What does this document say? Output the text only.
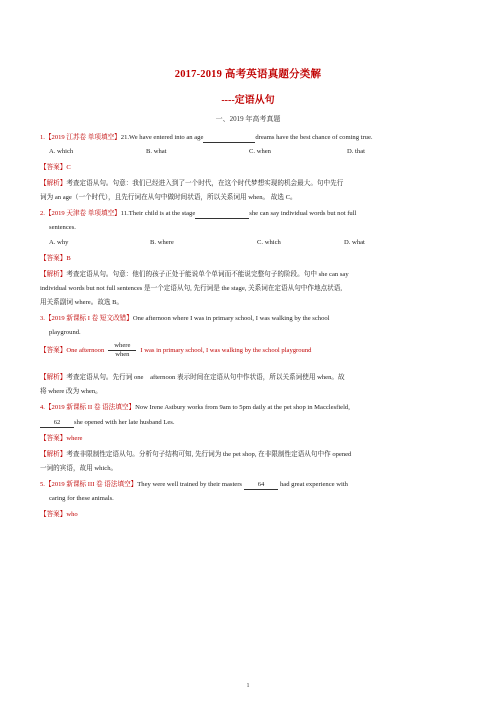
2017-2019 高考英语真题分类解
----定语从句
一、2019 年高考真题
1.【2019 江苏卷 单项填空】21.We have entered into an age	dreams have the best chance of coming true.
A. which	B. what	C. when	D. that
【答案】C
【解析】考查定语从句。句意：我们已经进入到了一个时代，在这个时代梦想实现的机会最大。句中先行
词为 an age（一个时代），且先行词在从句中做时间状语，所以关系词用 when。 故选 C。
2.【2019 天津卷 单项填空】11.Their child is at the stage	she can say individual words but not full
sentences.
A. why	B. where	C. which	D. what
【答案】B
【解析】考查定语从句。句意：他们的孩子正处于能说单个单词而不能说完整句子的阶段。句中 she can say
individual words but not full sentences 是一个定语从句, 先行词是 the stage, 关系词在定语从句中作地点状语,
用关系副词 where。故选 B。
3.【2019 新课标 I 卷 短文改错】One afternoon where I was in primary school, I was walking by the school
playground.
【答案】One afternoon $\frac{\text{where}}{\text{when}}$ I was in primary school, I was walking by the school playground
【解析】考查定语从句。先行词 one　afternoon 表示时间在定语从句中作状语，所以关系词使用 when。故
将 where 改为 when。
4.【2019 新课标 II 卷 语法填空】Now Irene Astbury works from 9am to 5pm daily at the pet shop in Macclesfield,
62 she opened with her late husband Les.
【答案】where
【解析】考查非限制性定语从句。分析句子结构可知, 先行词为 the pet shop, 在非限制性定语从句中作 opened
一词的宾语，故用 which。
5.【2019 新课标 III 卷 语法填空】They were well trained by their masters 64 had great experience with
caring for these animals.
【答案】who
1
